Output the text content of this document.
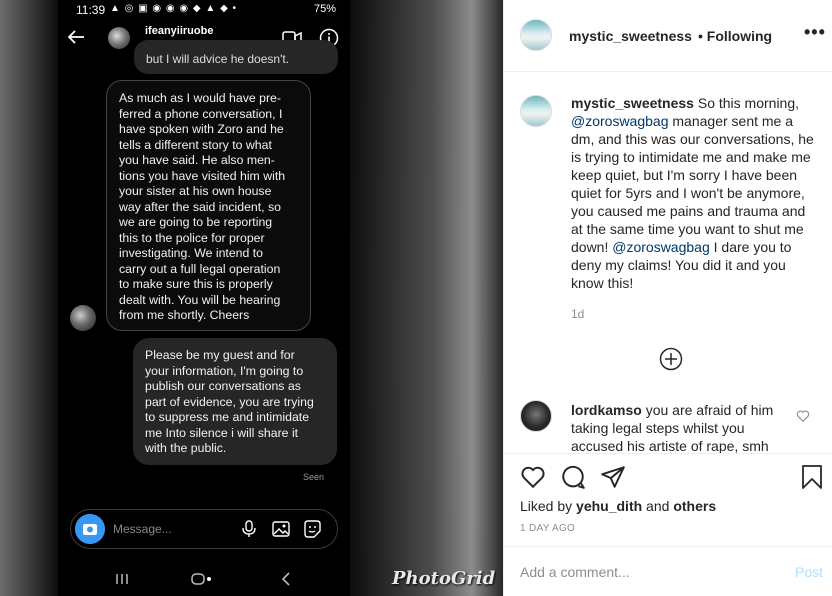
11:39 ▲ ◎ ▣ ◉ ◉ ◉ ◆ ▲ ◆ •	75%
ifeanyiiruobe
but I will advice he doesn't.
As much as I would have pre-
ferred a phone conversation, I
have spoken with Zoro and he
tells a different story to what
you have said. He also men-
tions you have visited him with
your sister at his own house
way after the said incident, so
we are going to be reporting
this to the police for proper
investigating. We intend to
carry out a full legal operation
to make sure this is properly
dealt with. You will be hearing
from me shortly. Cheers
Please be my guest and for
your information, I'm going to
publish our conversations as
part of evidence, you are trying
to suppress me and intimidate
me Into silence i will share it
with the public.
Seen
Message...
PhotoGrid
mystic_sweetness • Following •••
mystic_sweetness So this morning, @zoroswagbag manager sent me a dm, and this was our conversations, he is trying to intimidate me and make me keep quiet, but I'm sorry I have been quiet for 5yrs and I won't be anymore, you caused me pains and trauma and at the same time you want to shut me down! @zoroswagbag I dare you to deny my claims! You did it and you know this!
1d
lordkamso you are afraid of him taking legal steps whilst you accused his artiste of rape, smh
Liked by yehu_dith and others
1 DAY AGO
Add a comment...	Post
